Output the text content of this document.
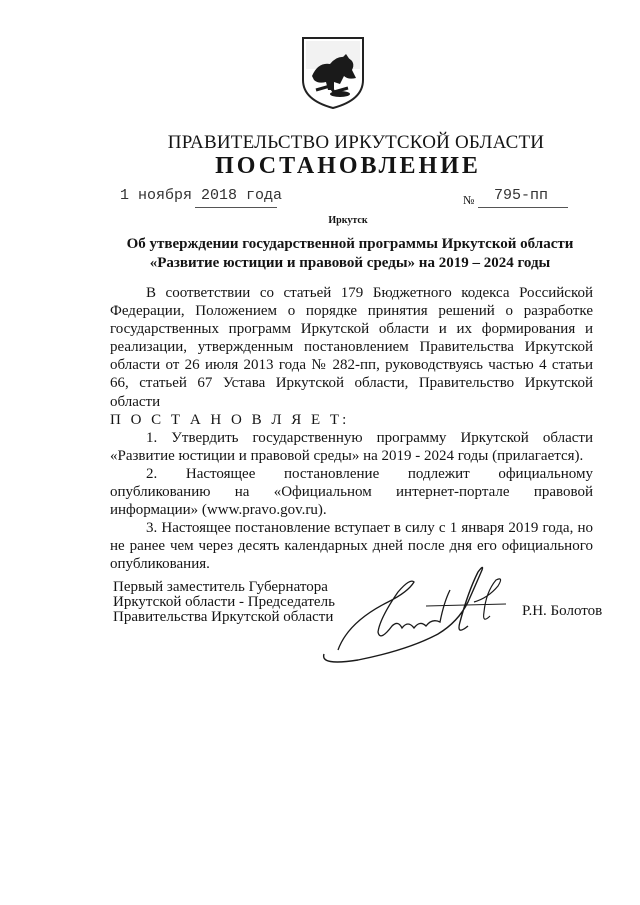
ПРАВИТЕЛЬСТВО ИРКУТСКОЙ ОБЛАСТИ
ПОСТАНОВЛЕНИЕ
1 ноября 2018 года	№ 795-пп
Иркутск
Об утверждении государственной программы Иркутской области
«Развитие юстиции и правовой среды» на 2019 – 2024 годы

В соответствии со статьей 179 Бюджетного кодекса Российской Федерации, Положением о порядке принятия решений о разработке государственных программ Иркутской области и их формирования и реализации, утвержденным постановлением Правительства Иркутской области от 26 июля 2013 года № 282-пп, руководствуясь частью 4 статьи 66, статьей 67 Устава Иркутской области, Правительство Иркутской области

П О С Т А Н О В Л Я Е Т:

1. Утвердить государственную программу Иркутской области «Развитие юстиции и правовой среды» на 2019 - 2024 годы (прилагается).

2. Настоящее постановление подлежит официальному опубликованию на «Официальном интернет-портале правовой информации» (www.pravo.gov.ru).

3. Настоящее постановление вступает в силу с 1 января 2019 года, но не ранее чем через десять календарных дней после дня его официального опубликования.

Первый заместитель Губернатора
Иркутской области - Председатель
Правительства Иркутской области	Р.Н. Болотов
